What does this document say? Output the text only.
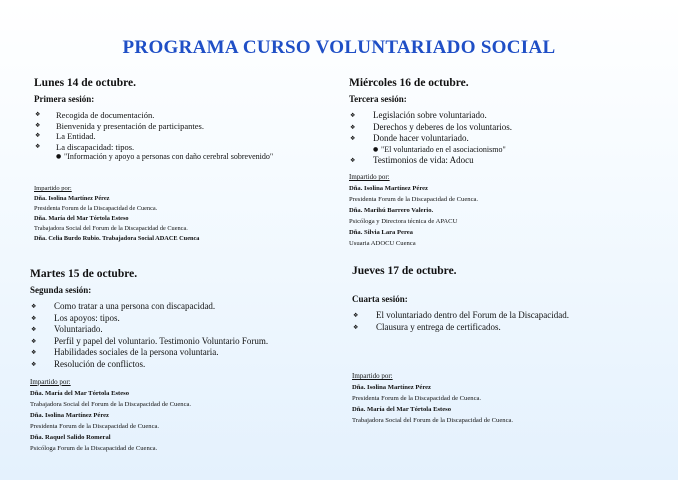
PROGRAMA CURSO VOLUNTARIADO SOCIAL
Lunes 14 de octubre.
Primera sesión:
❖ Recogida de documentación.
❖ Bienvenida y presentación de participantes.
❖ La Entidad.
❖ La discapacidad: tipos.
● "Información y apoyo a personas con daño cerebral sobrevenido"
Impartido por:
Dña. Isolina Martínez Pérez
Presidenta Forum de la Discapacidad de Cuenca.
Dña. María del Mar Tórtola Esteso
Trabajadora Social del Forum de la Discapacidad de Cuenca.
Dña. Celia Burdo Rubio. Trabajadora Social ADACE Cuenca
Martes 15 de octubre.
Segunda sesión:
❖ Como tratar a una persona con discapacidad.
❖ Los apoyos: tipos.
❖ Voluntariado.
❖ Perfil y papel del voluntario. Testimonio Voluntario Forum.
❖ Habilidades sociales de la persona voluntaria.
❖ Resolución de conflictos.
Impartido por:
Dña. María del Mar Tórtola Esteso
Trabajadora Social del Forum de la Discapacidad de Cuenca.
Dña. Isolina Martínez Pérez
Presidenta Forum de la Discapacidad de Cuenca.
Dña. Raquel Salido Romeral
Psicóloga Forum de la Discapacidad de Cuenca.
Miércoles 16 de octubre.
Tercera sesión:
❖ Legislación sobre voluntariado.
❖ Derechos y deberes de los voluntarios.
❖ Donde hacer voluntariado.
● "El voluntariado en el asociacionismo"
❖ Testimonios de vida: Adocu
Impartido por:
Dña. Isolina Martínez Pérez
Presidenta Forum de la Discapacidad de Cuenca.
Dña. Marihú Barrero Valerio.
Psicóloga y Directora técnica de APACU
Dña. Silvia Lara Perea
Usuaria ADOCU Cuenca
Jueves 17 de octubre.
Cuarta sesión:
❖ El voluntariado dentro del Forum de la Discapacidad.
❖ Clausura y entrega de certificados.
Impartido por:
Dña. Isolina Martínez Pérez
Presidenta Forum de la Discapacidad de Cuenca.
Dña. María del Mar Tórtola Esteso
Trabajadora Social del Forum de la Discapacidad de Cuenca.
